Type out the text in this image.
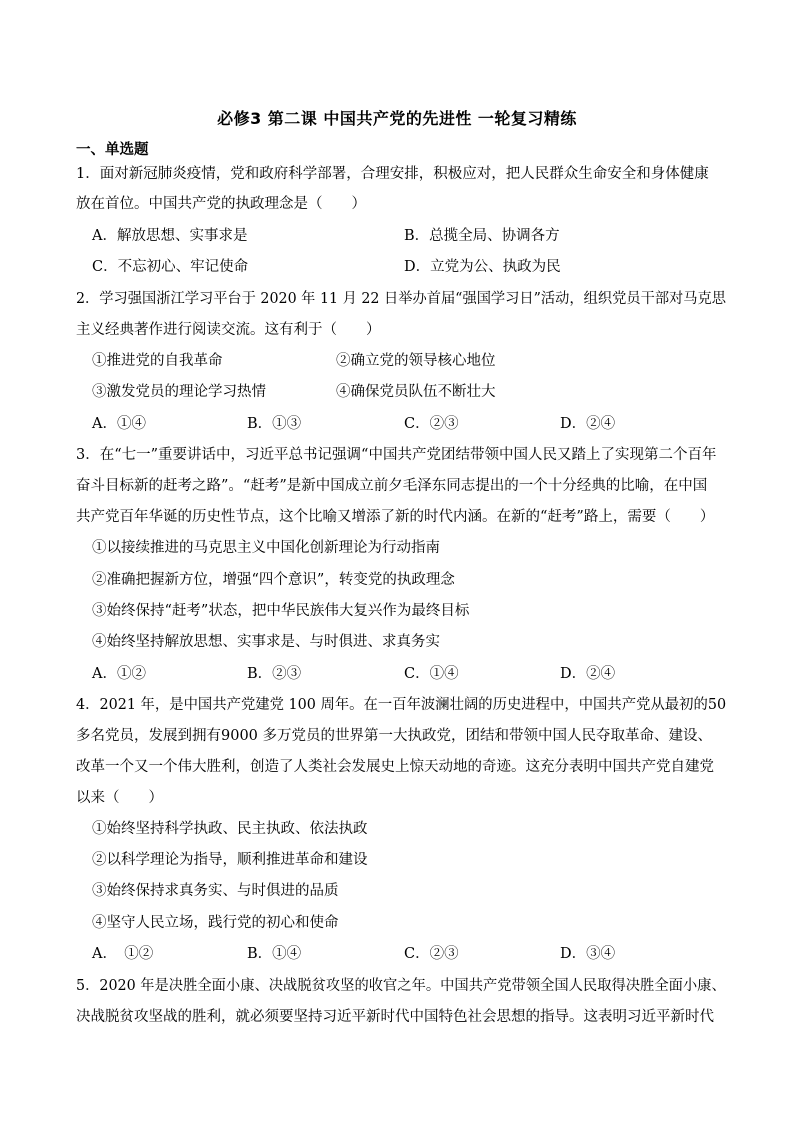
必修3 第二课 中国共产党的先进性 一轮复习精练
一、单选题
1．面对新冠肺炎疫情，党和政府科学部署，合理安排，积极应对，把人民群众生命安全和身体健康
放在首位。中国共产党的执政理念是（　　）
A．解放思想、实事求是	B．总揽全局、协调各方
C．不忘初心、牢记使命	D．立党为公、执政为民
2．学习强国浙江学习平台于 2020 年 11 月 22 日举办首届“强国学习日”活动，组织党员干部对马克思
主义经典著作进行阅读交流。这有利于（　　）
①推进党的自我革命	②确立党的领导核心地位
③激发党员的理论学习热情	④确保党员队伍不断壮大
A．①④	B．①③	C．②③	D．②④
3．在“七一”重要讲话中，习近平总书记强调“中国共产党团结带领中国人民又踏上了实现第二个百年
奋斗目标新的赶考之路”。“赶考”是新中国成立前夕毛泽东同志提出的一个十分经典的比喻，在中国
共产党百年华诞的历史性节点，这个比喻又增添了新的时代内涵。在新的“赶考”路上，需要（　　）
①以接续推进的马克思主义中国化创新理论为行动指南
②准确把握新方位，增强“四个意识”，转变党的执政理念
③始终保持“赶考”状态，把中华民族伟大复兴作为最终目标
④始终坚持解放思想、实事求是、与时俱进、求真务实
A．①②	B．②③	C．①④	D．②④
4．2021 年，是中国共产党建党 100 周年。在一百年波澜壮阔的历史进程中，中国共产党从最初的50
多名党员，发展到拥有9000 多万党员的世界第一大执政党，团结和带领中国人民夺取革命、建设、
改革一个又一个伟大胜利，创造了人类社会发展史上惊天动地的奇迹。这充分表明中国共产党自建党
以来（　　）
①始终坚持科学执政、民主执政、依法执政
②以科学理论为指导，顺利推进革命和建设
③始终保持求真务实、与时俱进的品质
④坚守人民立场，践行党的初心和使命
A．　①②	B．①④	C．②③	D．③④
5．2020 年是决胜全面小康、决战脱贫攻坚的收官之年。中国共产党带领全国人民取得决胜全面小康、
决战脱贫攻坚战的胜利，就必须要坚持习近平新时代中国特色社会思想的指导。这表明习近平新时代
